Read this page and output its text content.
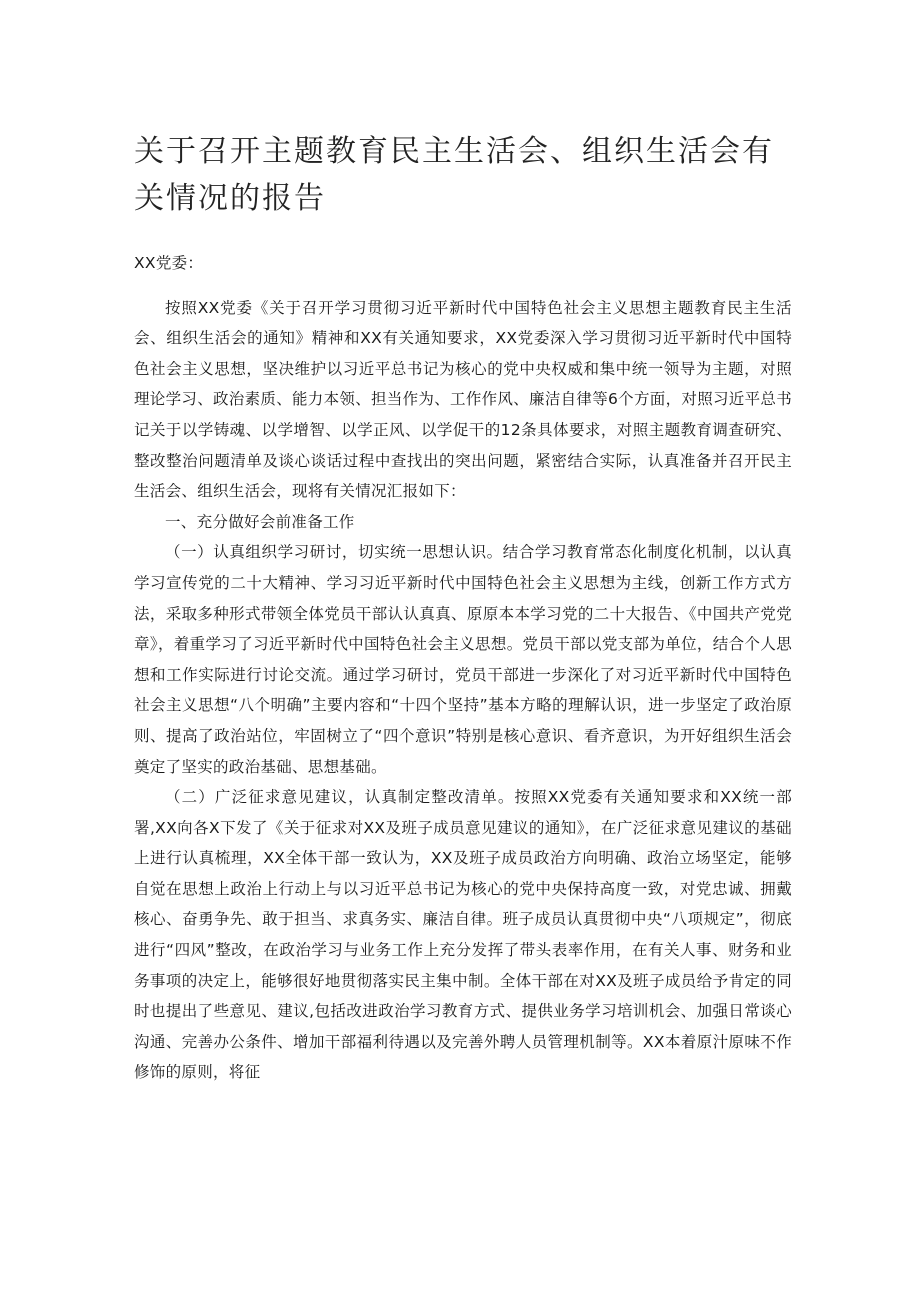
关于召开主题教育民主生活会、组织生活会有关情况的报告

XX党委：

按照XX党委《关于召开学习贯彻习近平新时代中国特色社会主义思想主题教育民主生活会、组织生活会的通知》精神和XX有关通知要求，XX党委深入学习贯彻习近平新时代中国特色社会主义思想，坚决维护以习近平总书记为核心的党中央权威和集中统一领导为主题，对照理论学习、政治素质、能力本领、担当作为、工作作风、廉洁自律等6个方面，对照习近平总书记关于以学铸魂、以学增智、以学正风、以学促干的12条具体要求，对照主题教育调查研究、整改整治问题清单及谈心谈话过程中查找出的突出问题，紧密结合实际，认真准备并召开民主生活会、组织生活会，现将有关情况汇报如下：

一、充分做好会前准备工作

（一）认真组织学习研讨，切实统一思想认识。结合学习教育常态化制度化机制，以认真学习宣传党的二十大精神、学习习近平新时代中国特色社会主义思想为主线，创新工作方式方法，采取多种形式带领全体党员干部认认真真、原原本本学习党的二十大报告、《中国共产党党章》，着重学习了习近平新时代中国特色社会主义思想。党员干部以党支部为单位，结合个人思想和工作实际进行讨论交流。通过学习研讨，党员干部进一步深化了对习近平新时代中国特色社会主义思想“八个明确”主要内容和“十四个坚持”基本方略的理解认识，进一步坚定了政治原则、提高了政治站位，牢固树立了“四个意识”特别是核心意识、看齐意识，为开好组织生活会奠定了坚实的政治基础、思想基础。

（二）广泛征求意见建议，认真制定整改清单。按照XX党委有关通知要求和XX统一部署,XX向各X下发了《关于征求对XX及班子成员意见建议的通知》，在广泛征求意见建议的基础上进行认真梳理，XX全体干部一致认为，XX及班子成员政治方向明确、政治立场坚定，能够自觉在思想上政治上行动上与以习近平总书记为核心的党中央保持高度一致，对党忠诚、拥戴核心、奋勇争先、敢于担当、求真务实、廉洁自律。班子成员认真贯彻中央“八项规定”，彻底进行“四风”整改，在政治学习与业务工作上充分发挥了带头表率作用，在有关人事、财务和业务事项的决定上，能够很好地贯彻落实民主集中制。全体干部在对XX及班子成员给予肯定的同时也提出了些意见、建议,包括改进政治学习教育方式、提供业务学习培训机会、加强日常谈心沟通、完善办公条件、增加干部福利待遇以及完善外聘人员管理机制等。XX本着原汁原味不作修饰的原则，将征
